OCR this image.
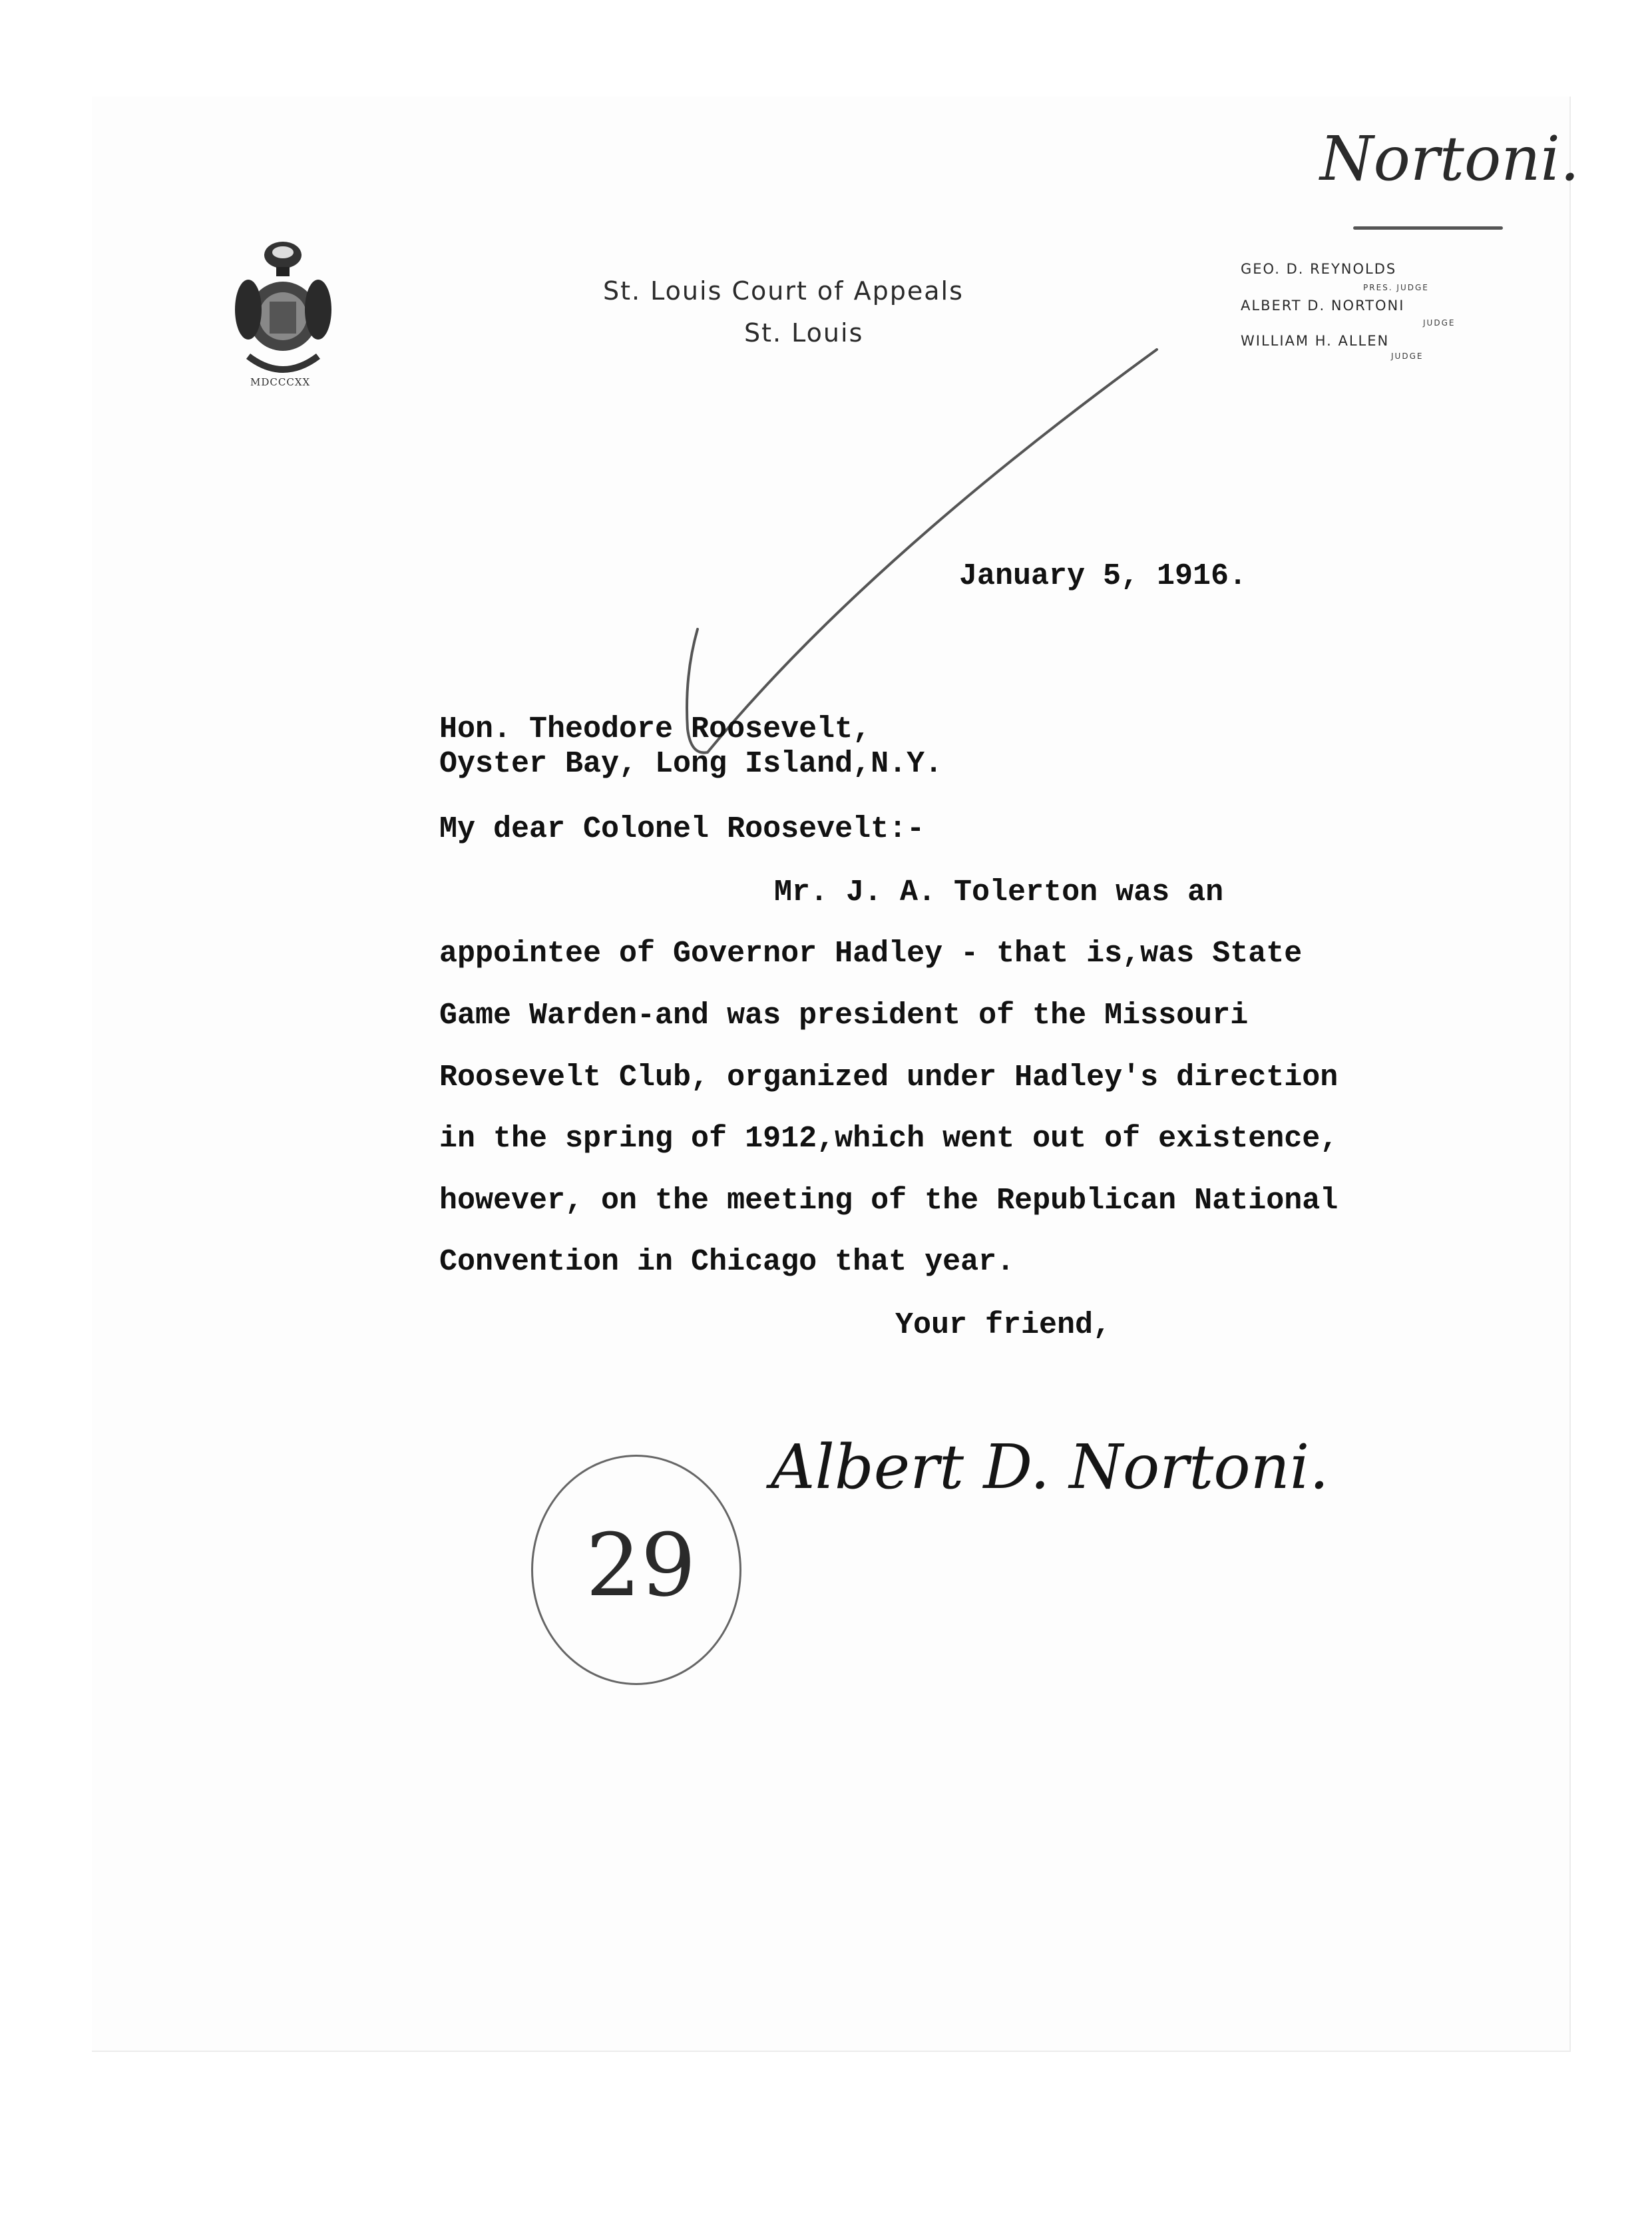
Nortoni.
MDCCCXX
St. Louis Court of Appeals
St. Louis
GEO. D. REYNOLDS
PRES. JUDGE
ALBERT D. NORTONI
JUDGE
WILLIAM H. ALLEN
JUDGE
January 5, 1916.
Hon. Theodore Roosevelt,
Oyster Bay, Long Island,N.Y.
My dear Colonel Roosevelt:-
Mr. J. A. Tolerton was an
appointee of Governor Hadley - that is,was State
Game Warden-and was president of the Missouri
Roosevelt Club, organized under Hadley's direction
in the spring of 1912,which went out of existence,
however, on the meeting of the Republican National
Convention in Chicago that year.
Your friend,
Albert D. Nortoni.
29
